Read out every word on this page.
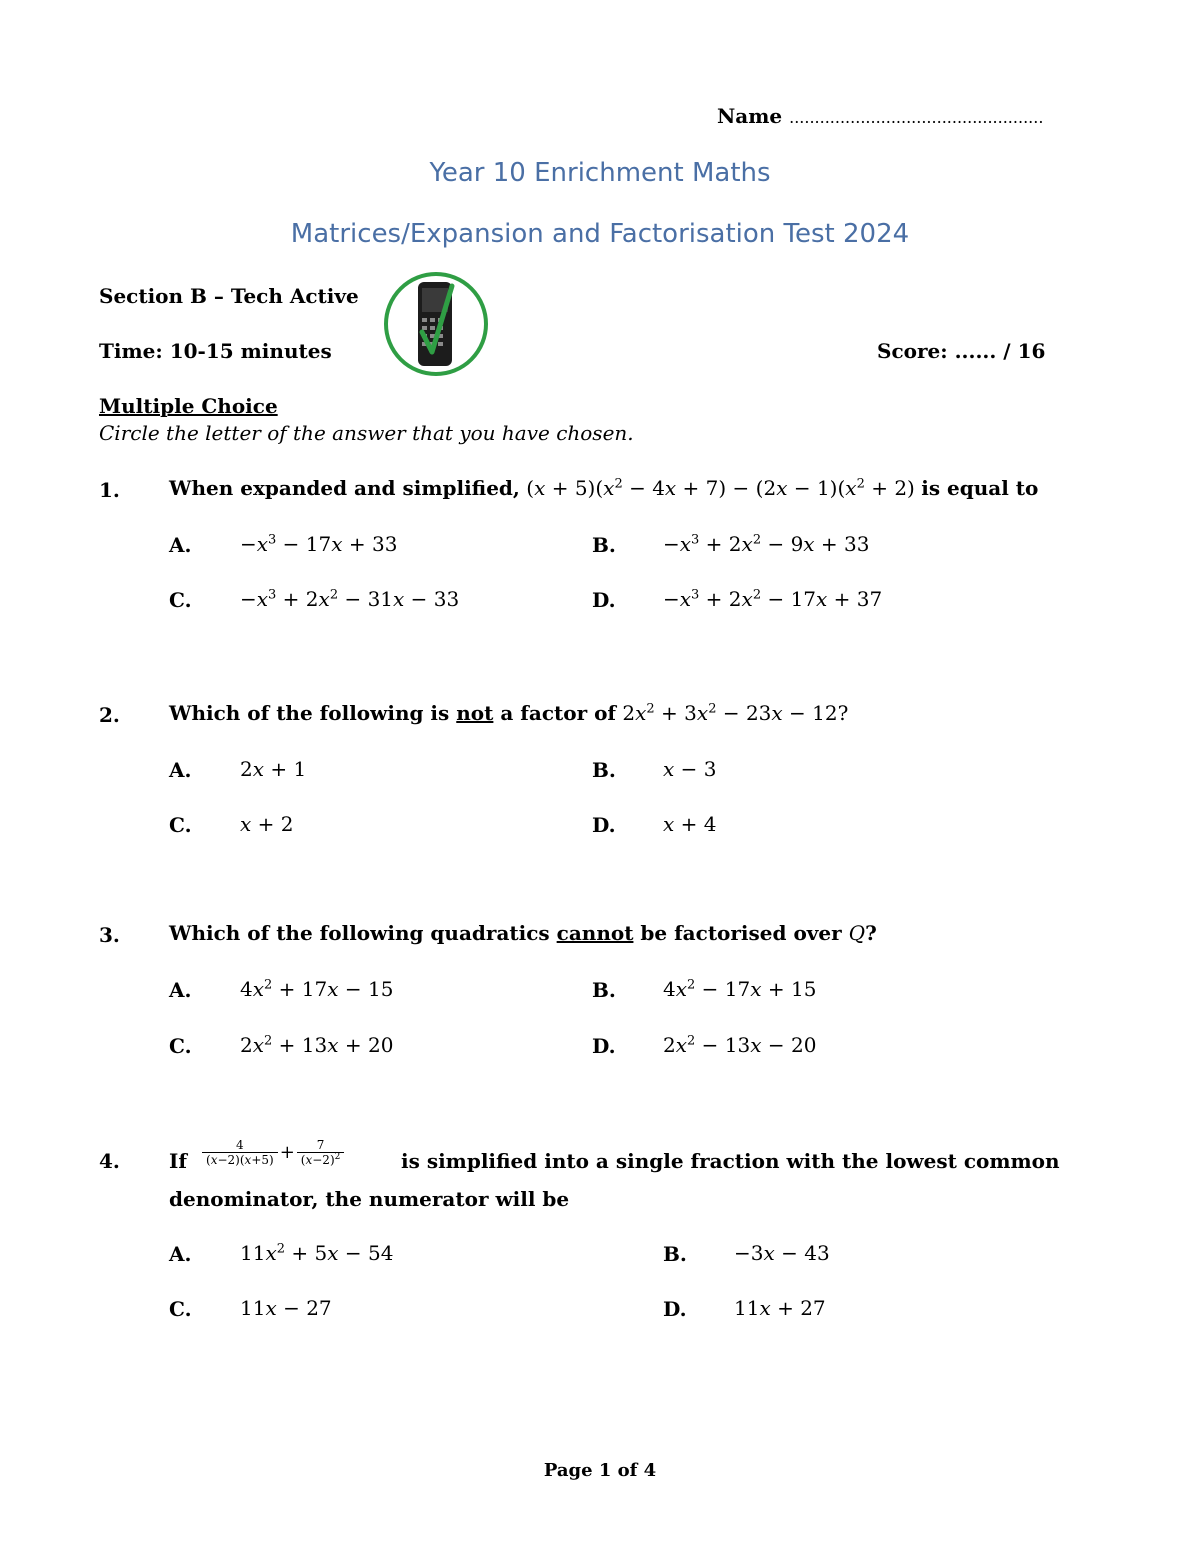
Name ..................................................
Year 10 Enrichment Maths
Matrices/Expansion and Factorisation Test 2024
Section B – Tech Active
Time: 10-15 minutes	Score: ...... / 16
Multiple Choice
Circle the letter of the answer that you have chosen.
1. When expanded and simplified, $(x + 5)(x^2 - 4x + 7) - (2x - 1)(x^2 + 2)$ is equal to
A. $-x^3 - 17x + 33$	B. $-x^3 + 2x^2 - 9x + 33$
C. $-x^3 + 2x^2 - 31x - 33$	D. $-x^3 + 2x^2 - 17x + 37$
2. Which of the following is not a factor of $2x^2 + 3x^2 - 23x - 12$?
A. 2x + 1	B. x − 3
C. x + 2	D. x + 4
3. Which of the following quadratics cannot be factorised over Q?
A. $4x^2 + 17x - 15$	B. $4x^2 - 17x + 15$
C. $2x^2 + 13x + 20$	D. $2x^2 - 13x - 20$
4. If $\frac{4}{(x-2)(x+5)} + \frac{7}{(x-2)^2}$	is simplified into a single fraction with the lowest common
denominator, the numerator will be
A. $11x^2 + 5x - 54$	B. −3x − 43
C. 11x − 27	D. 11x + 27
Page 1 of 4
